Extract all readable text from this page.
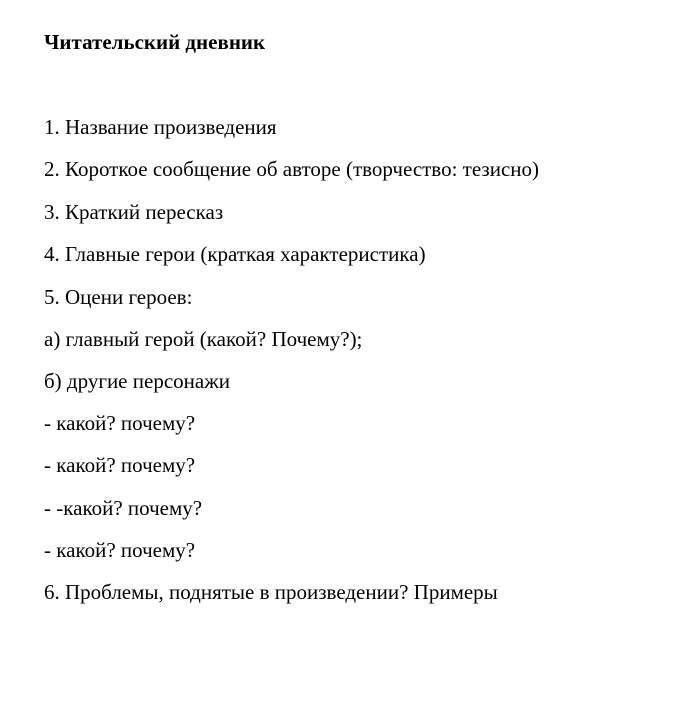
Читательский дневник
1. Название произведения
2. Короткое сообщение об авторе (творчество: тезисно)
3. Краткий пересказ
4. Главные герои (краткая характеристика)
5. Оцени героев:
а) главный герой (какой? Почему?);
б) другие персонажи
- какой? почему?
- какой? почему?
- -какой? почему?
- какой? почему?
6. Проблемы, поднятые в произведении? Примеры
